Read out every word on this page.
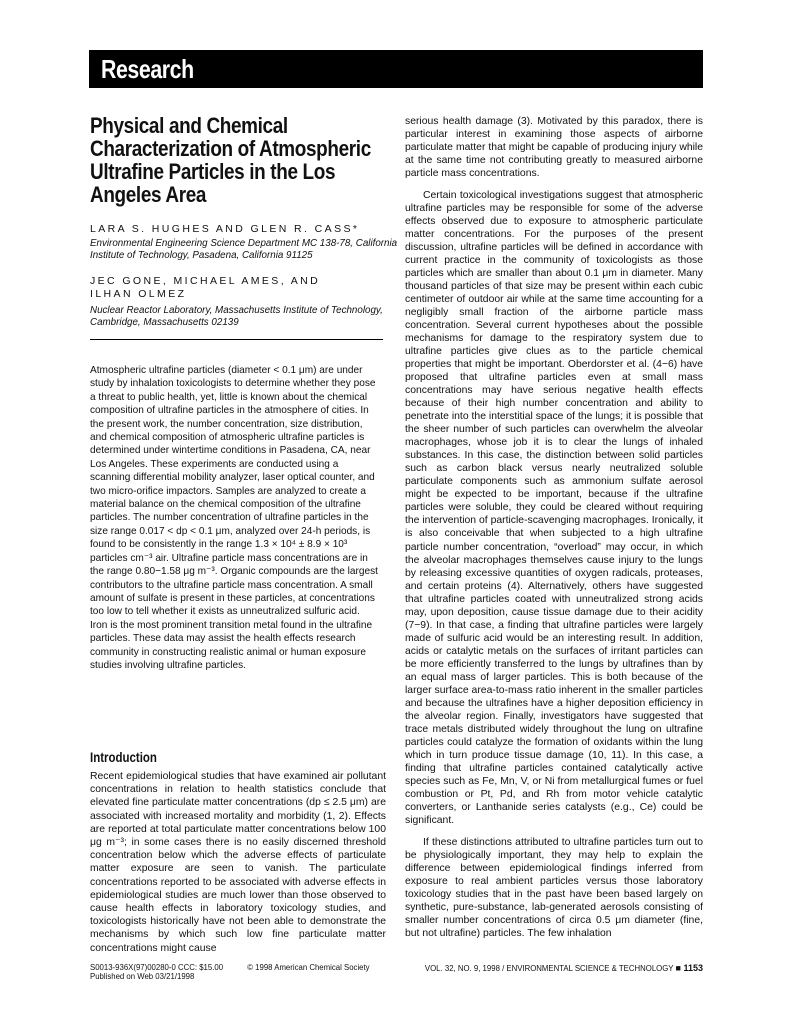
Research
Physical and Chemical Characterization of Atmospheric Ultrafine Particles in the Los Angeles Area

LARA S. HUGHES AND GLEN R. CASS*

Environmental Engineering Science Department MC 138-78, California Institute of Technology, Pasadena, California 91125

JEC GONE, MICHAEL AMES, AND ILHAN OLMEZ

Nuclear Reactor Laboratory, Massachusetts Institute of Technology, Cambridge, Massachusetts 02139

Atmospheric ultrafine particles (diameter < 0.1 μm) are under study by inhalation toxicologists to determine whether they pose a threat to public health, yet, little is known about the chemical composition of ultrafine particles in the atmosphere of cities. In the present work, the number concentration, size distribution, and chemical composition of atmospheric ultrafine particles is determined under wintertime conditions in Pasadena, CA, near Los Angeles. These experiments are conducted using a scanning differential mobility analyzer, laser optical counter, and two micro-orifice impactors. Samples are analyzed to create a material balance on the chemical composition of the ultrafine particles. The number concentration of ultrafine particles in the size range 0.017 < dp < 0.1 μm, analyzed over 24-h periods, is found to be consistently in the range 1.3 × 10⁴ ± 8.9 × 10³ particles cm⁻³ air. Ultrafine particle mass concentrations are in the range 0.80−1.58 μg m⁻³. Organic compounds are the largest contributors to the ultrafine particle mass concentration. A small amount of sulfate is present in these particles, at concentrations too low to tell whether it exists as unneutralized sulfuric acid. Iron is the most prominent transition metal found in the ultrafine particles. These data may assist the health effects research community in constructing realistic animal or human exposure studies involving ultrafine particles.

Introduction

Recent epidemiological studies that have examined air pollutant concentrations in relation to health statistics conclude that elevated fine particulate matter concentrations (dp ≤ 2.5 μm) are associated with increased mortality and morbidity (1, 2). Effects are reported at total particulate matter concentrations below 100 μg m⁻³; in some cases there is no easily discerned threshold concentration below which the adverse effects of particulate matter exposure are seen to vanish. The particulate concentrations reported to be associated with adverse effects in epidemiological studies are much lower than those observed to cause health effects in laboratory toxicology studies, and toxicologists historically have not been able to demonstrate the mechanisms by which such low fine particulate matter concentrations might cause

serious health damage (3). Motivated by this paradox, there is particular interest in examining those aspects of airborne particulate matter that might be capable of producing injury while at the same time not contributing greatly to measured airborne particle mass concentrations.

Certain toxicological investigations suggest that atmospheric ultrafine particles may be responsible for some of the adverse effects observed due to exposure to atmospheric particulate matter concentrations. For the purposes of the present discussion, ultrafine particles will be defined in accordance with current practice in the community of toxicologists as those particles which are smaller than about 0.1 μm in diameter. Many thousand particles of that size may be present within each cubic centimeter of outdoor air while at the same time accounting for a negligibly small fraction of the airborne particle mass concentration. Several current hypotheses about the possible mechanisms for damage to the respiratory system due to ultrafine particles give clues as to the particle chemical properties that might be important. Oberdorster et al. (4−6) have proposed that ultrafine particles even at small mass concentrations may have serious negative health effects because of their high number concentration and ability to penetrate into the interstitial space of the lungs; it is possible that the sheer number of such particles can overwhelm the alveolar macrophages, whose job it is to clear the lungs of inhaled substances. In this case, the distinction between solid particles such as carbon black versus nearly neutralized soluble particulate components such as ammonium sulfate aerosol might be expected to be important, because if the ultrafine particles were soluble, they could be cleared without requiring the intervention of particle-scavenging macrophages. Ironically, it is also conceivable that when subjected to a high ultrafine particle number concentration, “overload” may occur, in which the alveolar macrophages themselves cause injury to the lungs by releasing excessive quantities of oxygen radicals, proteases, and certain proteins (4). Alternatively, others have suggested that ultrafine particles coated with unneutralized strong acids may, upon deposition, cause tissue damage due to their acidity (7−9). In that case, a finding that ultrafine particles were largely made of sulfuric acid would be an interesting result. In addition, acids or catalytic metals on the surfaces of irritant particles can be more efficiently transferred to the lungs by ultrafines than by an equal mass of larger particles. This is both because of the larger surface area-to-mass ratio inherent in the smaller particles and because the ultrafines have a higher deposition efficiency in the alveolar region. Finally, investigators have suggested that trace metals distributed widely throughout the lung on ultrafine particles could catalyze the formation of oxidants within the lung which in turn produce tissue damage (10, 11). In this case, a finding that ultrafine particles contained catalytically active species such as Fe, Mn, V, or Ni from metallurgical fumes or fuel combustion or Pt, Pd, and Rh from motor vehicle catalytic converters, or Lanthanide series catalysts (e.g., Ce) could be significant.

If these distinctions attributed to ultrafine particles turn out to be physiologically important, they may help to explain the difference between epidemiological findings inferred from exposure to real ambient particles versus those laboratory toxicology studies that in the past have been based largely on synthetic, pure-substance, lab-generated aerosols consisting of smaller number concentrations of circa 0.5 μm diameter (fine, but not ultrafine) particles. The few inhalation

S0013-936X(97)00280-0 CCC: $15.00	© 1998 American Chemical Society
Published on Web 03/21/1998
VOL. 32, NO. 9, 1998 / ENVIRONMENTAL SCIENCE & TECHNOLOGY ■ 1153
